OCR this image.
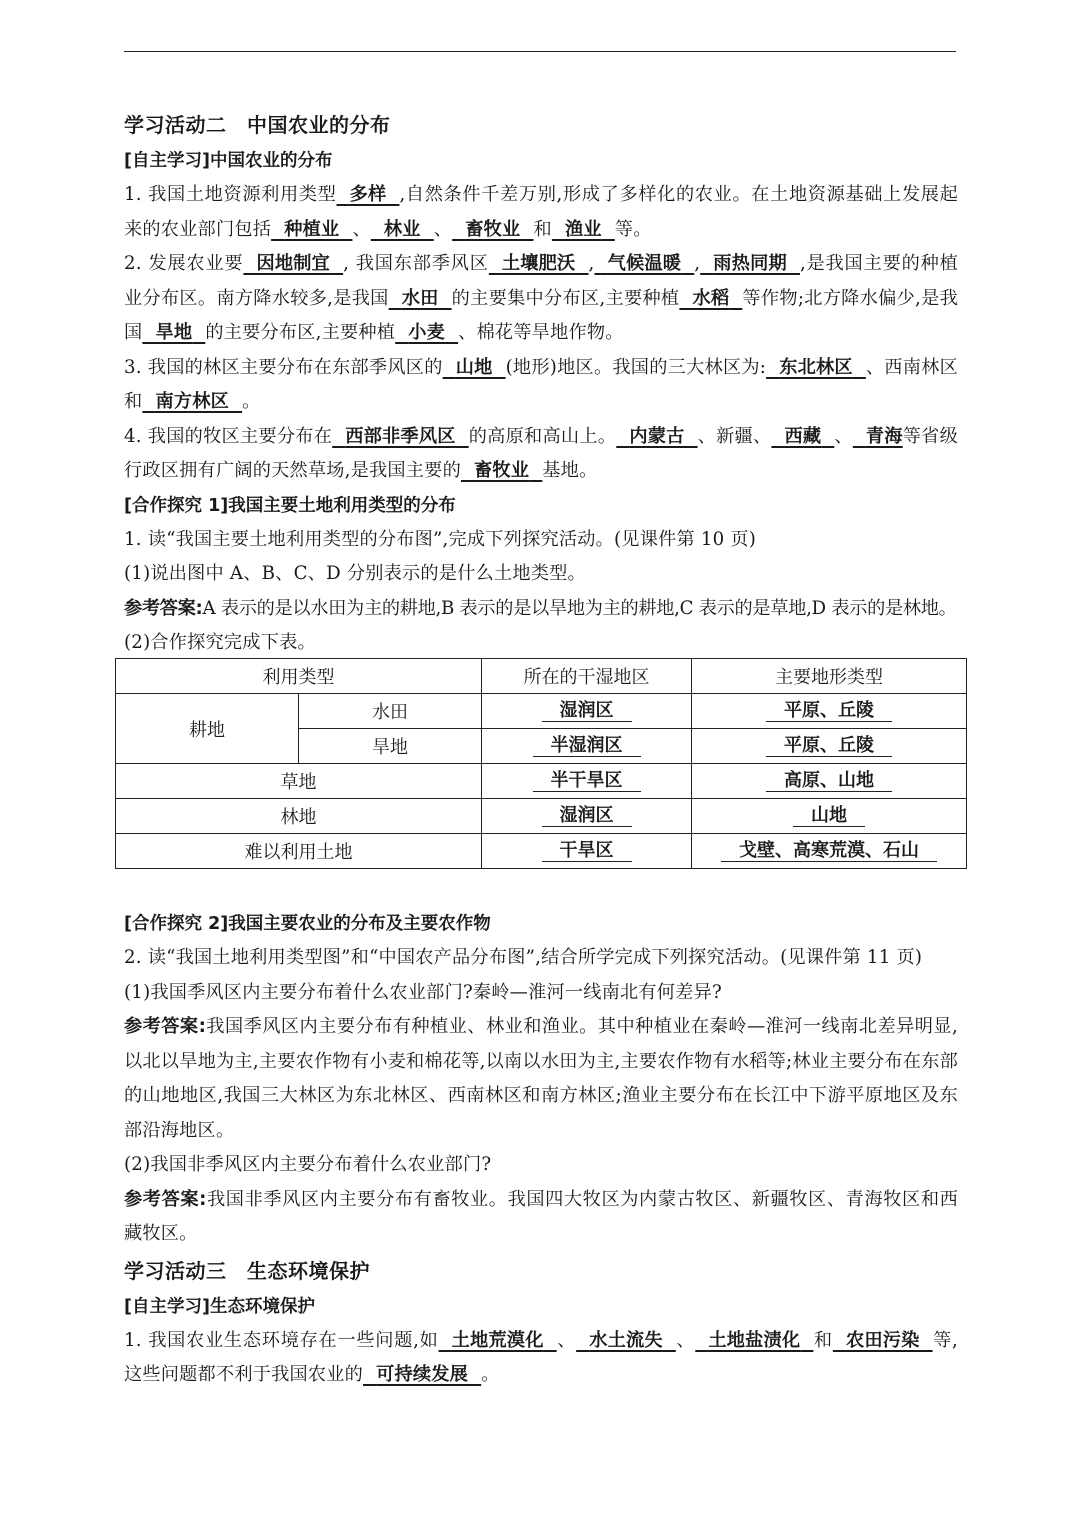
学习活动二　中国农业的分布
[自主学习]中国农业的分布
1. 我国土地资源利用类型 多样 ,自然条件千差万别,形成了多样化的农业。在土地资源基础上发展起来的农业部门包括 种植业 、 林业 、 畜牧业 和 渔业 等。
2. 发展农业要 因地制宜 , 我国东部季风区 土壤肥沃 , 气候温暖 , 雨热同期 ,是我国主要的种植业分布区。南方降水较多,是我国 水田 的主要集中分布区,主要种植 水稻 等作物;北方降水偏少,是我国 旱地 的主要分布区,主要种植 小麦 、棉花等旱地作物。
3. 我国的林区主要分布在东部季风区的 山地 (地形)地区。我国的三大林区为: 东北林区 、西南林区和 南方林区 。
4. 我国的牧区主要分布在 西部非季风区 的高原和高山上。 内蒙古 、新疆、 西藏 、 青海等省级行政区拥有广阔的天然草场,是我国主要的 畜牧业 基地。
[合作探究 1]我国主要土地利用类型的分布
1. 读“我国主要土地利用类型的分布图”,完成下列探究活动。(见课件第 10 页)
(1)说出图中 A、B、C、D 分别表示的是什么土地类型。
参考答案:A 表示的是以水田为主的耕地,B 表示的是以旱地为主的耕地,C 表示的是草地,D 表示的是林地。
(2)合作探究完成下表。
利用类型		所在的干湿地区	主要地形类型
耕地	水田	湿润区	平原、丘陵
	旱地	半湿润区	平原、丘陵
草地		半干旱区	高原、山地
林地		湿润区	山地
难以利用土地		干旱区	戈壁、高寒荒漠、石山
[合作探究 2]我国主要农业的分布及主要农作物
2. 读“我国土地利用类型图”和“中国农产品分布图”,结合所学完成下列探究活动。(见课件第 11 页)
(1)我国季风区内主要分布着什么农业部门?秦岭—淮河一线南北有何差异?
参考答案:我国季风区内主要分布有种植业、林业和渔业。其中种植业在秦岭—淮河一线南北差异明显,以北以旱地为主,主要农作物有小麦和棉花等,以南以水田为主,主要农作物有水稻等;林业主要分布在东部的山地地区,我国三大林区为东北林区、西南林区和南方林区;渔业主要分布在长江中下游平原地区及东部沿海地区。
(2)我国非季风区内主要分布着什么农业部门?
参考答案:我国非季风区内主要分布有畜牧业。我国四大牧区为内蒙古牧区、新疆牧区、青海牧区和西藏牧区。
学习活动三　生态环境保护
[自主学习]生态环境保护
1. 我国农业生态环境存在一些问题,如 土地荒漠化 、 水土流失 、 土地盐渍化 和 农田污染 等,这些问题都不利于我国农业的 可持续发展 。
